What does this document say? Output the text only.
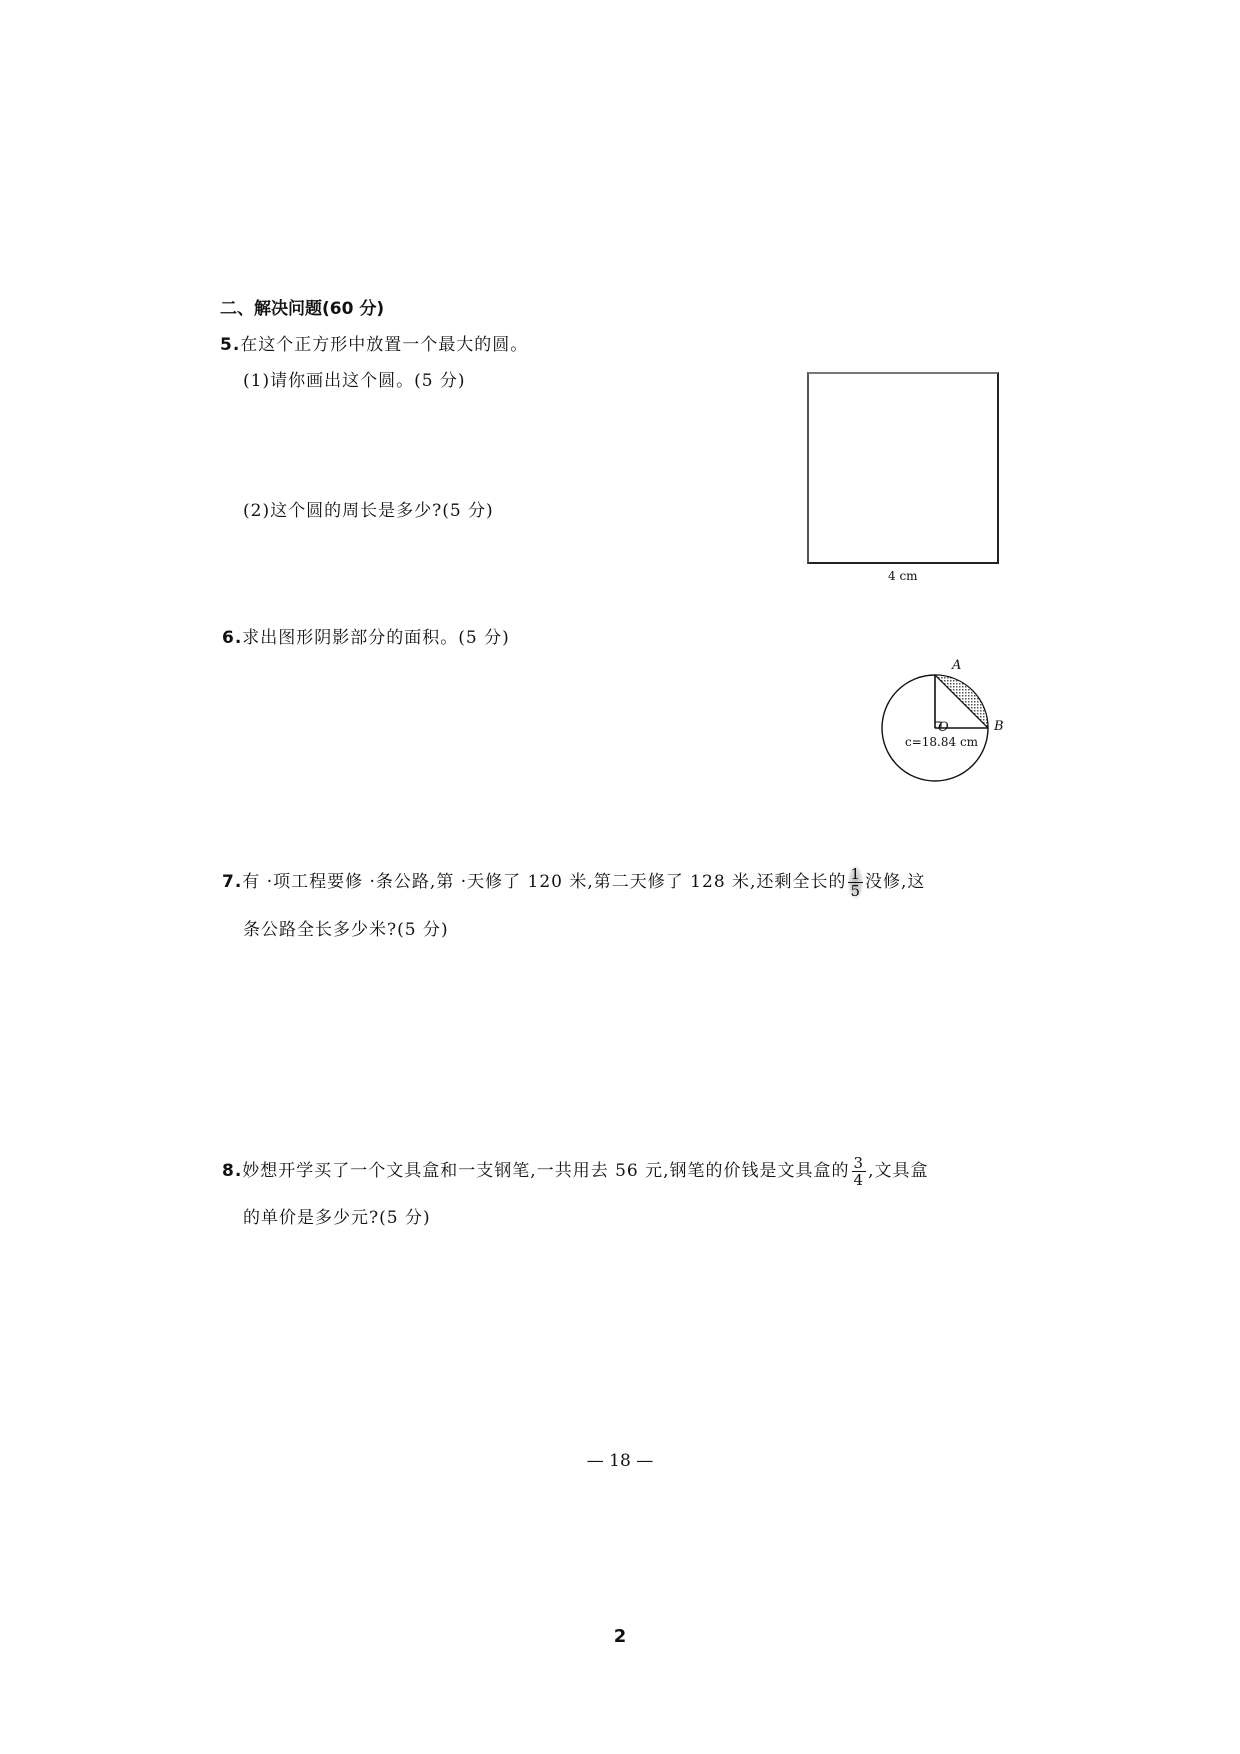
二、解决问题(60 分)
5.在这个正方形中放置一个最大的圆。
(1)请你画出这个圆。(5 分)
(2)这个圆的周长是多少?(5 分)
4 cm
6.求出图形阴影部分的面积。(5 分)
A
B
O
c=18.84 cm
7.有 ·项工程要修 ·条公路,第 ·天修了 120 米,第二天修了 128 米,还剩全长的 $\frac{1}{5}$ 没修,这
条公路全长多少米?(5 分)
8.妙想开学买了一个文具盒和一支钢笔,一共用去 56 元,钢笔的价钱是文具盒的 $\frac{3}{4}$ ,文具盒
的单价是多少元?(5 分)
— 18 —
2
